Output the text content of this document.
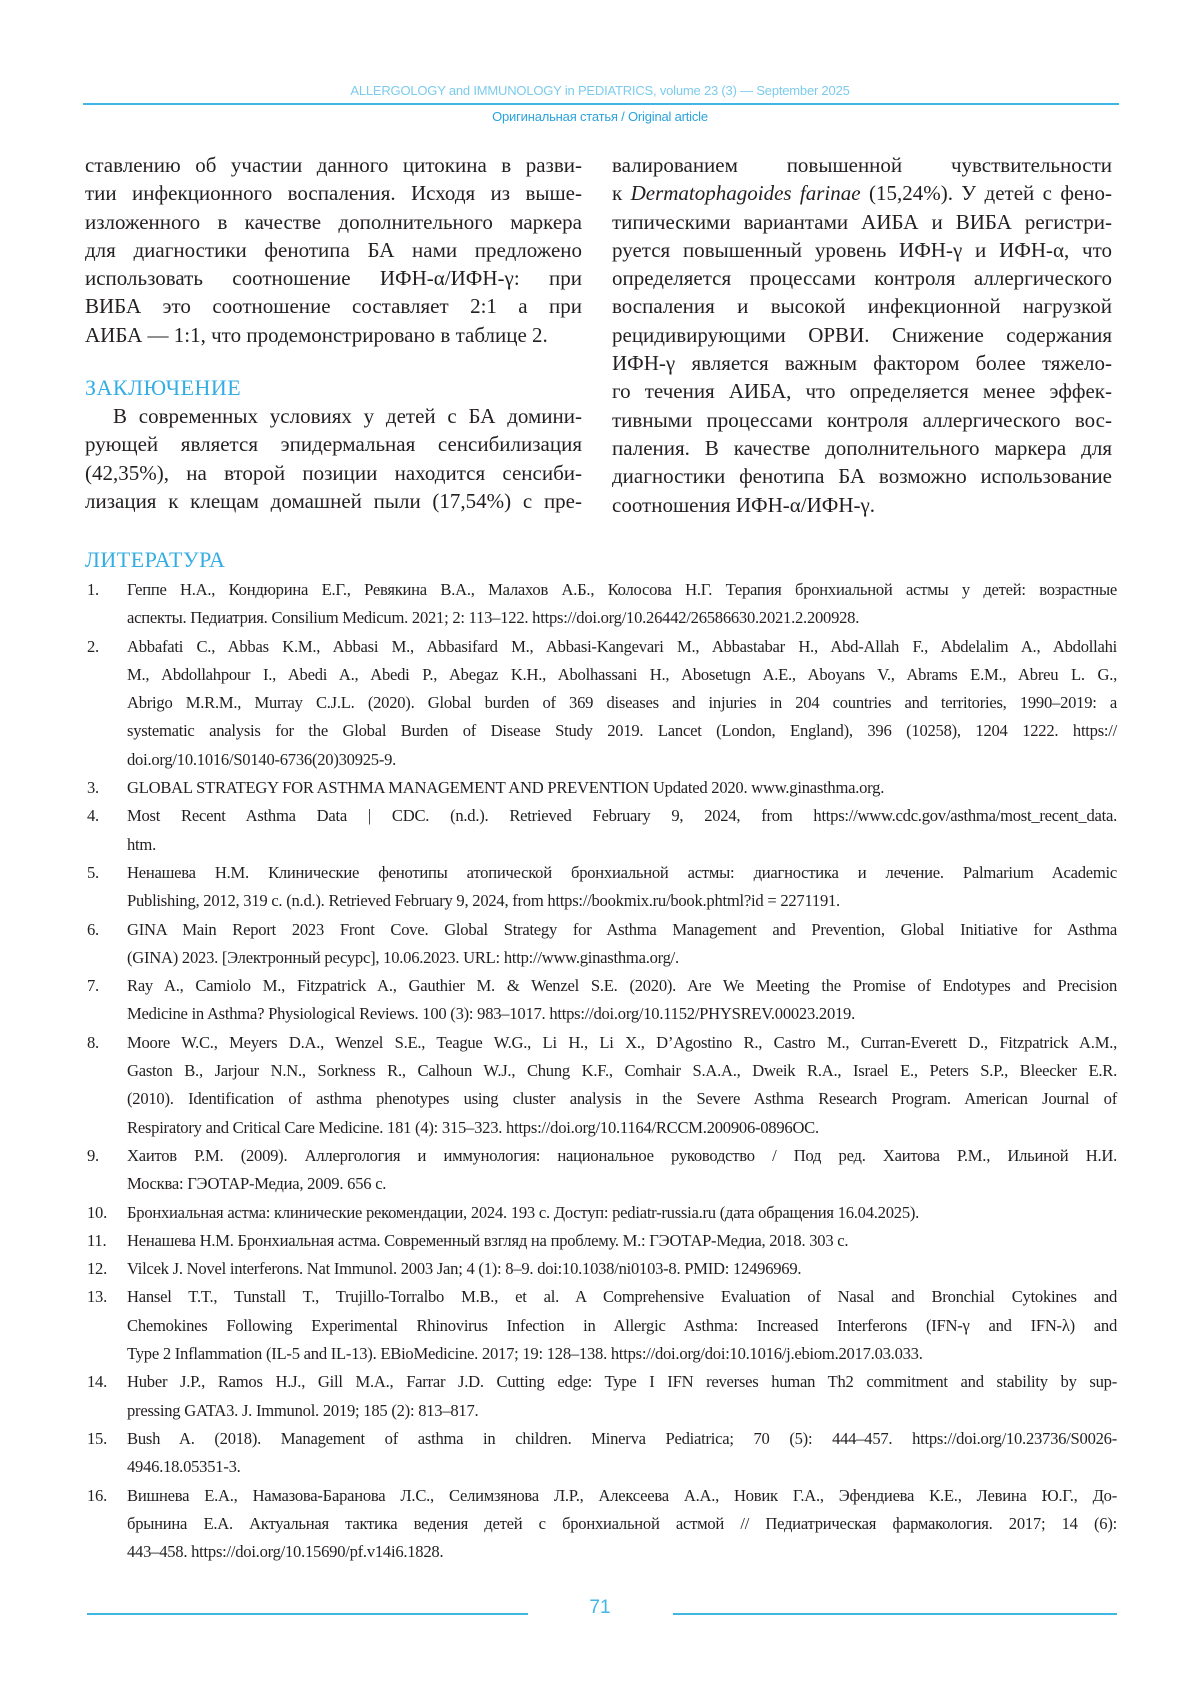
ALLERGOLOGY and IMMUNOLOGY in PEDIATRICS, volume 23 (3) — September 2025
Оригинальная статья / Original article
ставлению об участии данного цитокина в разви-
тии инфекционного воспаления. Исходя из выше-
изложенного в качестве дополнительного маркера
для диагностики фенотипа БА нами предложено
использовать соотношение ИФН-α/ИФН-γ: при
ВИБА это соотношение составляет 2:1 а при
АИБА — 1:1, что продемонстрировано в таблице 2.
ЗАКЛЮЧЕНИЕ
В современных условиях у детей с БА домини-
рующей является эпидермальная сенсибилизация
(42,35%), на второй позиции находится сенсиби-
лизация к клещам домашней пыли (17,54%) с пре-
валированием повышенной чувствительности
к Dermatophagoides farinae (15,24%). У детей с фено-
типическими вариантами АИБА и ВИБА регистри-
руется повышенный уровень ИФН-γ и ИФН-α, что
определяется процессами контроля аллергического
воспаления и высокой инфекционной нагрузкой
рецидивирующими ОРВИ. Снижение содержания
ИФН-γ является важным фактором более тяжело-
го течения АИБА, что определяется менее эффек-
тивными процессами контроля аллергического вос-
паления. В качестве дополнительного маркера для
диагностики фенотипа БА возможно использование
соотношения ИФН-α/ИФН-γ.
ЛИТЕРАТУРА
1.	Геппе Н.А., Кондюрина Е.Г., Ревякина В.А., Малахов А.Б., Колосова Н.Г. Терапия бронхиальной астмы у детей: возрастные
аспекты. Педиатрия. Consilium Medicum. 2021; 2: 113–122. https://doi.org/10.26442/26586630.2021.2.200928.
2.	Abbafati C., Abbas K.M., Abbasi M., Abbasifard M., Abbasi-Kangevari M., Abbastabar H., Abd-Allah F., Abdelalim A., Abdollahi
M., Abdollahpour I., Abedi A., Abedi P., Abegaz K.H., Abolhassani H., Abosetugn A.E., Aboyans V., Abrams E.M., Abreu L. G.,
Abrigo M.R.M., Murray C.J.L. (2020). Global burden of 369 diseases and injuries in 204 countries and territories, 1990–2019: a
systematic analysis for the Global Burden of Disease Study 2019. Lancet (London, England), 396 (10258), 1204 1222. https://
doi.org/10.1016/S0140-6736(20)30925-9.
3.	GLOBAL STRATEGY FOR ASTHMA MANAGEMENT AND PREVENTION Updated 2020. www.ginasthma.org.
4.	Most Recent Asthma Data | CDC. (n.d.). Retrieved February 9, 2024, from https://www.cdc.gov/asthma/most_recent_data.
htm.
5.	Ненашева Н.М. Клинические фенотипы атопической бронхиальной астмы: диагностика и лечение. Palmarium Academic
Publishing, 2012, 319 с. (n.d.). Retrieved February 9, 2024, from https://bookmix.ru/book.phtml?id = 2271191.
6.	GINA Main Report 2023 Front Cove. Global Strategy for Asthma Management and Prevention, Global Initiative for Asthma
(GINA) 2023. [Электронный ресурс], 10.06.2023. URL: http://www.ginasthma.org/.
7.	Ray A., Camiolo M., Fitzpatrick A., Gauthier M. & Wenzel S.E. (2020). Are We Meeting the Promise of Endotypes and Precision
Medicine in Asthma? Physiological Reviews. 100 (3): 983–1017. https://doi.org/10.1152/PHYSREV.00023.2019.
8.	Moore W.C., Meyers D.A., Wenzel S.E., Teague W.G., Li H., Li X., D’Agostino R., Castro M., Curran-Everett D., Fitzpatrick A.M.,
Gaston B., Jarjour N.N., Sorkness R., Calhoun W.J., Chung K.F., Comhair S.A.A., Dweik R.A., Israel E., Peters S.P., Bleecker E.R.
(2010). Identification of asthma phenotypes using cluster analysis in the Severe Asthma Research Program. American Journal of
Respiratory and Critical Care Medicine. 181 (4): 315–323. https://doi.org/10.1164/RCCM.200906-0896OC.
9.	Хаитов Р.М. (2009). Аллергология и иммунология: национальное руководство / Под ред. Хаитова Р.М., Ильиной Н.И.
Москва: ГЭОТАР-Медиа, 2009. 656 с.
10.	Бронхиальная астма: клинические рекомендации, 2024. 193 с. Доступ: pediatr-russia.ru (дата обращения 16.04.2025).
11.	Ненашева Н.М. Бронхиальная астма. Современный взгляд на проблему. М.: ГЭОТАР-Медиа, 2018. 303 с.
12.	Vilcek J. Novel interferons. Nat Immunol. 2003 Jan; 4 (1): 8–9. doi:10.1038/ni0103-8. PMID: 12496969.
13.	Hansel T.T., Tunstall T., Trujillo-Torralbo M.B., et al. A Comprehensive Evaluation of Nasal and Bronchial Cytokines and
Chemokines Following Experimental Rhinovirus Infection in Allergic Asthma: Increased Interferons (IFN-γ and IFN-λ) and
Type 2 Inflammation (IL-5 and IL-13). EBioMedicine. 2017; 19: 128–138. https://doi.org/doi:10.1016/j.ebiom.2017.03.033.
14.	Huber J.P., Ramos H.J., Gill M.A., Farrar J.D. Cutting edge: Type I IFN reverses human Th2 commitment and stability by sup-
pressing GATA3. J. Immunol. 2019; 185 (2): 813–817.
15.	Bush A. (2018). Management of asthma in children. Minerva Pediatrica; 70 (5): 444–457. https://doi.org/10.23736/S0026-
4946.18.05351-3.
16.	Вишнева Е.А., Намазова-Баранова Л.С., Селимзянова Л.Р., Алексеева А.А., Новик Г.А., Эфендиева К.Е., Левина Ю.Г., До-
брынина Е.А. Актуальная тактика ведения детей с бронхиальной астмой // Педиатрическая фармакология. 2017; 14 (6):
443–458. https://doi.org/10.15690/pf.v14i6.1828.
71
